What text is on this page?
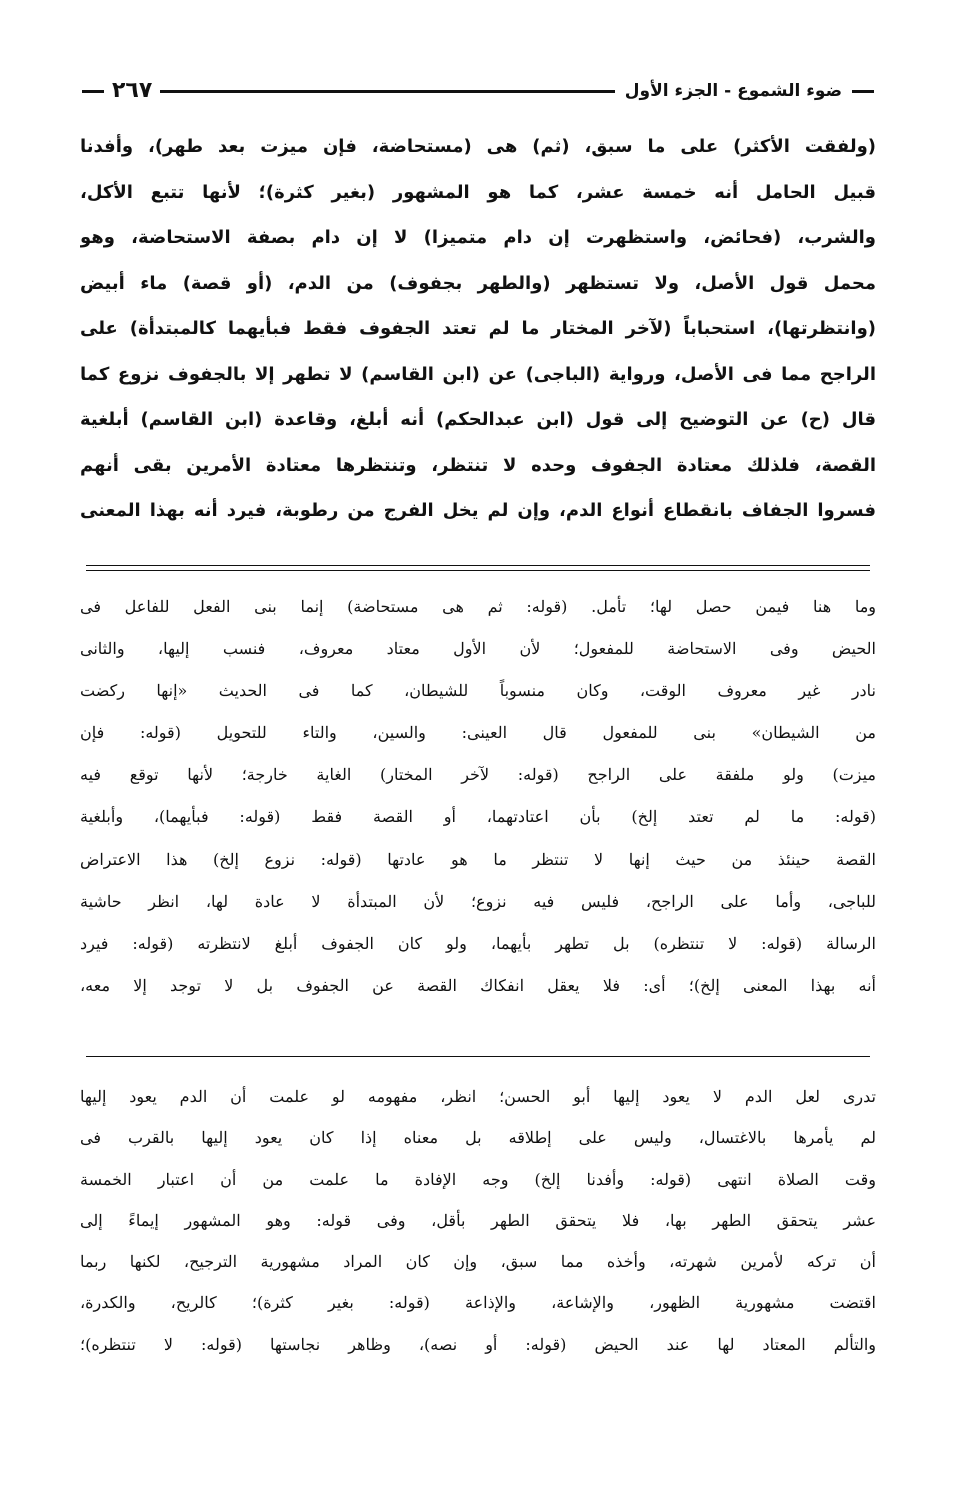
٢٦٧	ضوء الشموع - الجزء الأول
(ولفقت الأكثر) على ما سبق، (ثم) هى (مستحاضة، فإن ميزت بعد طهر)، وأفدنا
قبيل الحامل أنه خمسة عشر، كما هو المشهور (بغير كثرة)؛ لأنها تتبع الأكل،
والشرب، (فحائض، واستظهرت إن دام متميزا) لا إن دام بصفة الاستحاضة، وهو
محمل قول الأصل، ولا تستظهر (والطهر بجفوف) من الدم، (أو قصة) ماء أبيض
(وانتظرتها)، استحباباً (لآخر المختار ما لم تعتد الجفوف فقط فبأيهما كالمبتدأة) على
الراجح مما فى الأصل، ورواية (الباجى) عن (ابن القاسم) لا تطهر إلا بالجفوف نزوع كما
قال (ح) عن التوضيح إلى قول (ابن عبدالحكم) أنه أبلغ، وقاعدة (ابن القاسم) أبلغية
القصة، فلذلك معتادة الجفوف وحده لا تنتظر، وتنتظرها معتادة الأمرين بقى أنهم
فسروا الجفاف بانقطاع أنواع الدم، وإن لم يخل الفرج من رطوبة، فيرد أنه بهذا المعنى
وما هنا فيمن حصل لها؛ تأمل. (قوله: ثم هى مستحاضة) إنما بنى الفعل للفاعل فى
الحيض وفى الاستحاضة للمفعول؛ لأن الأول معتاد معروف، فنسب إليها، والثانى
نادر غير معروف الوقت، وكان منسوباً للشيطان، كما فى الحديث «إنها ركضت
من الشيطان» بنى للمفعول قال العينى: والسين، والتاء للتحويل (قوله: فإن
ميزت) ولو ملفقة على الراجح (قوله: لآخر المختار) الغاية خارجة؛ لأنها توقع فيه
(قوله: ما لم تعتد إلخ) بأن اعتادتهما، أو القصة فقط (قوله: فبأيهما)، وأبلغية
القصة حينئذ من حيث إنها لا تنتظر ما هو عادتها (قوله: نزوع إلخ) هذا الاعتراض
للباجى، وأما على الراجح، فليس فيه نزوع؛ لأن المبتدأة لا عادة لها، انظر حاشية
الرسالة (قوله: لا تنتظره) بل تطهر بأيهما، ولو كان الجفوف أبلغ لانتظرته (قوله: فيرد
أنه بهذا المعنى إلخ)؛ أى: فلا يعقل انفكاك القصة عن الجفوف بل لا توجد إلا معه،
تدرى لعل الدم لا يعود إليها أبو الحسن؛ انظر، مفهومه لو علمت أن الدم يعود إليها
لم يأمرها بالاغتسال، وليس على إطلاقه بل معناه إذا كان يعود إليها بالقرب فى
وقت الصلاة انتهى (قوله: وأفدنا إلخ) وجه الإفادة ما علمت من أن اعتبار الخمسة
عشر يتحقق الطهر بها، فلا يتحقق الطهر بأقل، وفى قوله: وهو المشهور إيماءً إلى
أن تركه لأمرين شهرته، وأخذه مما سبق، وإن كان المراد مشهورية الترجيح، لكنها ربما
اقتضت مشهورية الظهور، والإشاعة، والإذاعة (قوله: بغير كثرة)؛ كالريح، والكدرة،
والتألم المعتاد لها عند الحيض (قوله: أو نصه)، وظاهر نجاستها (قوله: لا تنتظره)؛
